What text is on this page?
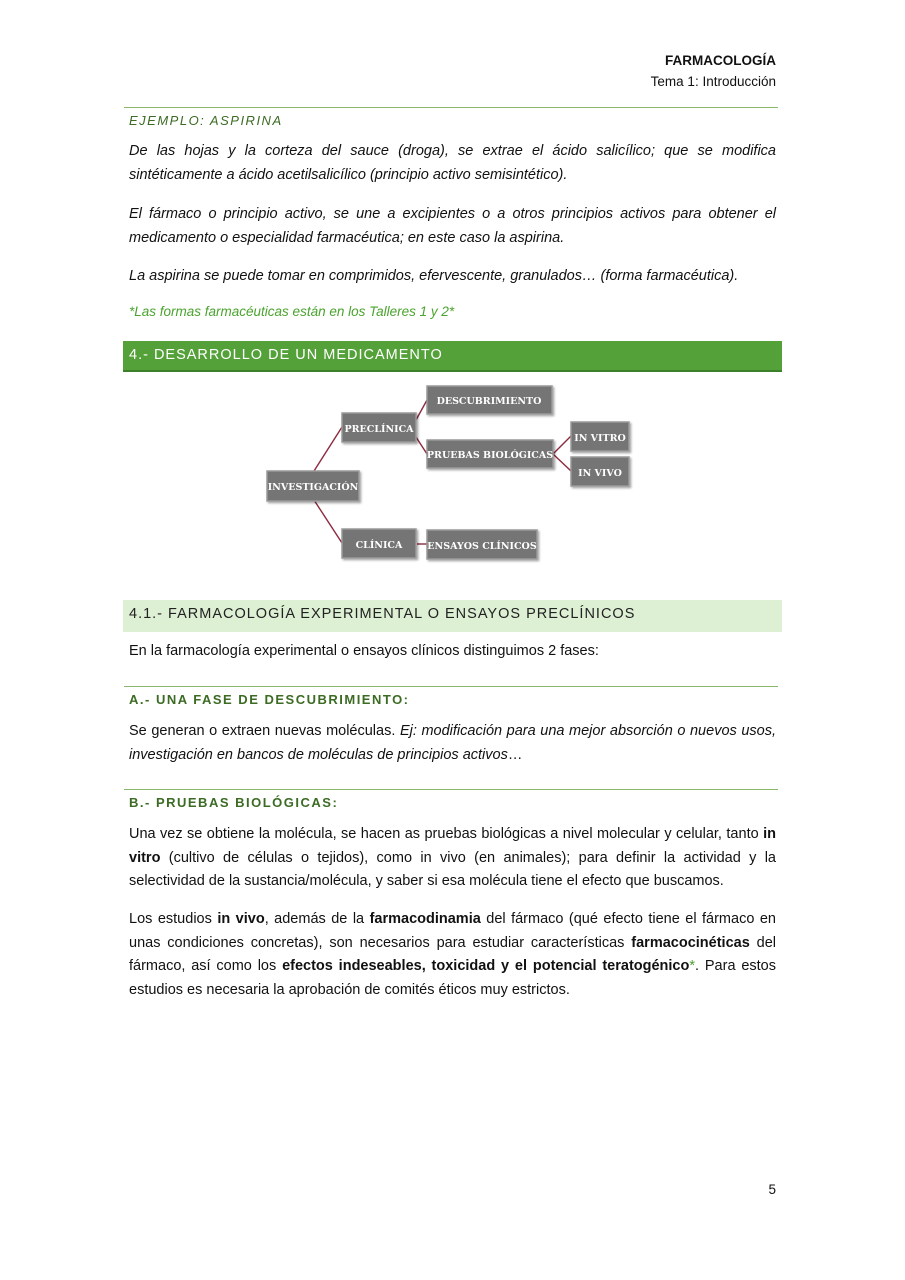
FARMACOLOGÍA
Tema 1: Introducción
EJEMPLO: ASPIRINA

De las hojas y la corteza del sauce (droga), se extrae el ácido salicílico; que se modifica sintéticamente a ácido acetilsalicílico (principio activo semisintético).

El fármaco o principio activo, se une a excipientes o a otros principios activos para obtener el medicamento o especialidad farmacéutica; en este caso la aspirina.

La aspirina se puede tomar en comprimidos, efervescente, granulados… (forma farmacéutica).

*Las formas farmacéuticas están en los Talleres 1 y 2*
4.- DESARROLLO DE UN MEDICAMENTO
INVESTIGACIÓN
PRECLÍNICA
CLÍNICA
DESCUBRIMIENTO
PRUEBAS BIOLÓGICAS
IN VITRO
IN VIVO
ENSAYOS CLÍNICOS
4.1.- FARMACOLOGÍA EXPERIMENTAL O ENSAYOS PRECLÍNICOS

En la farmacología experimental o ensayos clínicos distinguimos 2 fases:

A.- UNA FASE DE DESCUBRIMIENTO:

Se generan o extraen nuevas moléculas. Ej: modificación para una mejor absorción o nuevos usos, investigación en bancos de moléculas de principios activos…

B.- PRUEBAS BIOLÓGICAS:

Una vez se obtiene la molécula, se hacen as pruebas biológicas a nivel molecular y celular, tanto in vitro (cultivo de células o tejidos), como in vivo (en animales); para definir la actividad y la selectividad de la sustancia/molécula, y saber si esa molécula tiene el efecto que buscamos.

Los estudios in vivo, además de la farmacodinamia del fármaco (qué efecto tiene el fármaco en unas condiciones concretas), son necesarios para estudiar características farmacocinéticas del fármaco, así como los efectos indeseables, toxicidad y el potencial teratogénico*. Para estos estudios es necesaria la aprobación de comités éticos muy estrictos.

5
